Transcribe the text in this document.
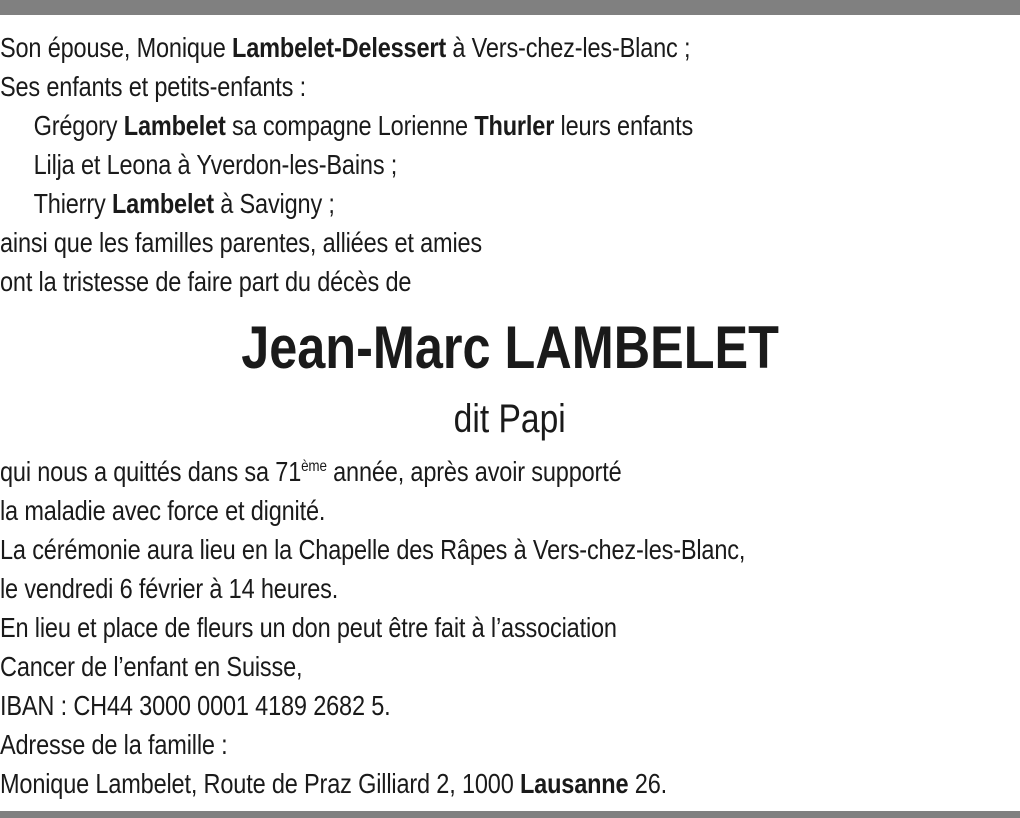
Son épouse, Monique Lambelet-Delessert à Vers-chez-les-Blanc ;
Ses enfants et petits-enfants :
Grégory Lambelet sa compagne Lorienne Thurler leurs enfants
Lilja et Leona à Yverdon-les-Bains ;
Thierry Lambelet à Savigny ;
ainsi que les familles parentes, alliées et amies
ont la tristesse de faire part du décès de
Jean-Marc LAMBELET
dit Papi
qui nous a quittés dans sa 71ème année, après avoir supporté
la maladie avec force et dignité.
La cérémonie aura lieu en la Chapelle des Râpes à Vers-chez-les-Blanc,
le vendredi 6 février à 14 heures.
En lieu et place de fleurs un don peut être fait à l’association
Cancer de l’enfant en Suisse,
IBAN : CH44 3000 0001 4189 2682 5.
Adresse de la famille :
Monique Lambelet, Route de Praz Gilliard 2, 1000 Lausanne 26.
